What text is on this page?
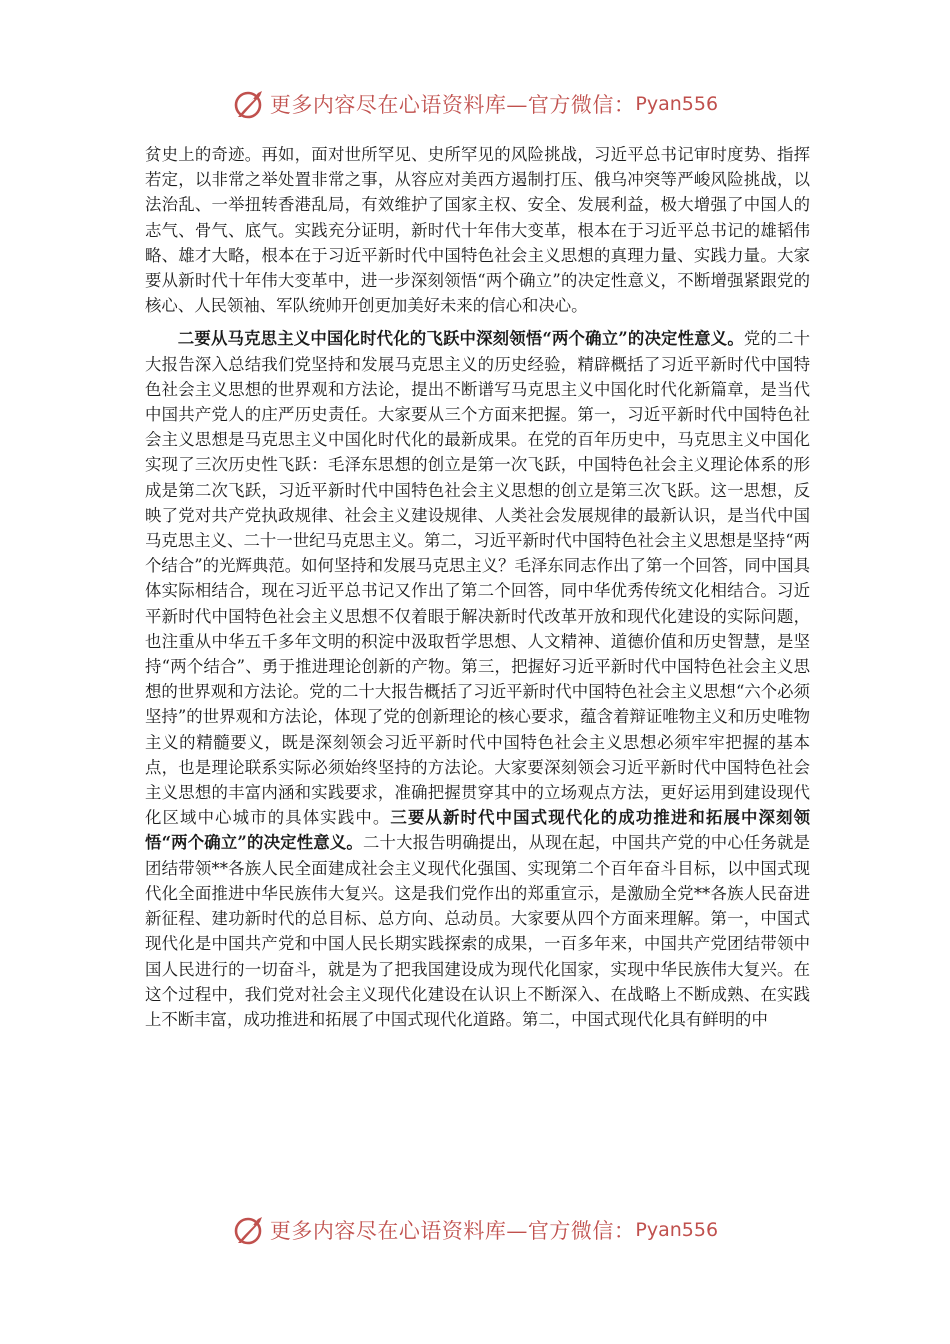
更多内容尽在心语资料库—官方微信： Pyan556

贫史上的奇迹。再如，面对世所罕见、史所罕见的风险挑战，习近平总书记审时度势、指挥若定，以非常之举处置非常之事，从容应对美西方遏制打压、俄乌冲突等严峻风险挑战，以法治乱、一举扭转香港乱局，有效维护了国家主权、安全、发展利益，极大增强了中国人的志气、骨气、底气。实践充分证明，新时代十年伟大变革，根本在于习近平总书记的雄韬伟略、雄才大略，根本在于习近平新时代中国特色社会主义思想的真理力量、实践力量。大家要从新时代十年伟大变革中，进一步深刻领悟“两个确立”的决定性意义，不断增强紧跟党的核心、人民领袖、军队统帅开创更加美好未来的信心和决心。

二要从马克思主义中国化时代化的飞跃中深刻领悟“两个确立”的决定性意义。党的二十大报告深入总结我们党坚持和发展马克思主义的历史经验，精辟概括了习近平新时代中国特色社会主义思想的世界观和方法论，提出不断谱写马克思主义中国化时代化新篇章，是当代中国共产党人的庄严历史责任。大家要从三个方面来把握。第一，习近平新时代中国特色社会主义思想是马克思主义中国化时代化的最新成果。在党的百年历史中，马克思主义中国化实现了三次历史性飞跃：毛泽东思想的创立是第一次飞跃，中国特色社会主义理论体系的形成是第二次飞跃，习近平新时代中国特色社会主义思想的创立是第三次飞跃。这一思想，反映了党对共产党执政规律、社会主义建设规律、人类社会发展规律的最新认识，是当代中国马克思主义、二十一世纪马克思主义。第二，习近平新时代中国特色社会主义思想是坚持“两个结合”的光辉典范。如何坚持和发展马克思主义？毛泽东同志作出了第一个回答，同中国具体实际相结合，现在习近平总书记又作出了第二个回答，同中华优秀传统文化相结合。习近平新时代中国特色社会主义思想不仅着眼于解决新时代改革开放和现代化建设的实际问题，也注重从中华五千多年文明的积淀中汲取哲学思想、人文精神、道德价值和历史智慧，是坚持“两个结合”、勇于推进理论创新的产物。第三，把握好习近平新时代中国特色社会主义思想的世界观和方法论。党的二十大报告概括了习近平新时代中国特色社会主义思想“六个必须坚持”的世界观和方法论，体现了党的创新理论的核心要求，蕴含着辩证唯物主义和历史唯物主义的精髓要义，既是深刻领会习近平新时代中国特色社会主义思想必须牢牢把握的基本点，也是理论联系实际必须始终坚持的方法论。大家要深刻领会习近平新时代中国特色社会主义思想的丰富内涵和实践要求，准确把握贯穿其中的立场观点方法，更好运用到建设现代化区域中心城市的具体实践中。三要从新时代中国式现代化的成功推进和拓展中深刻领悟“两个确立”的决定性意义。二十大报告明确提出，从现在起，中国共产党的中心任务就是团结带领**各族人民全面建成社会主义现代化强国、实现第二个百年奋斗目标，以中国式现代化全面推进中华民族伟大复兴。这是我们党作出的郑重宣示，是激励全党**各族人民奋进新征程、建功新时代的总目标、总方向、总动员。大家要从四个方面来理解。第一，中国式现代化是中国共产党和中国人民长期实践探索的成果，一百多年来，中国共产党团结带领中国人民进行的一切奋斗，就是为了把我国建设成为现代化国家，实现中华民族伟大复兴。在这个过程中，我们党对社会主义现代化建设在认识上不断深入、在战略上不断成熟、在实践上不断丰富，成功推进和拓展了中国式现代化道路。第二，中国式现代化具有鲜明的中

更多内容尽在心语资料库—官方微信： Pyan556
